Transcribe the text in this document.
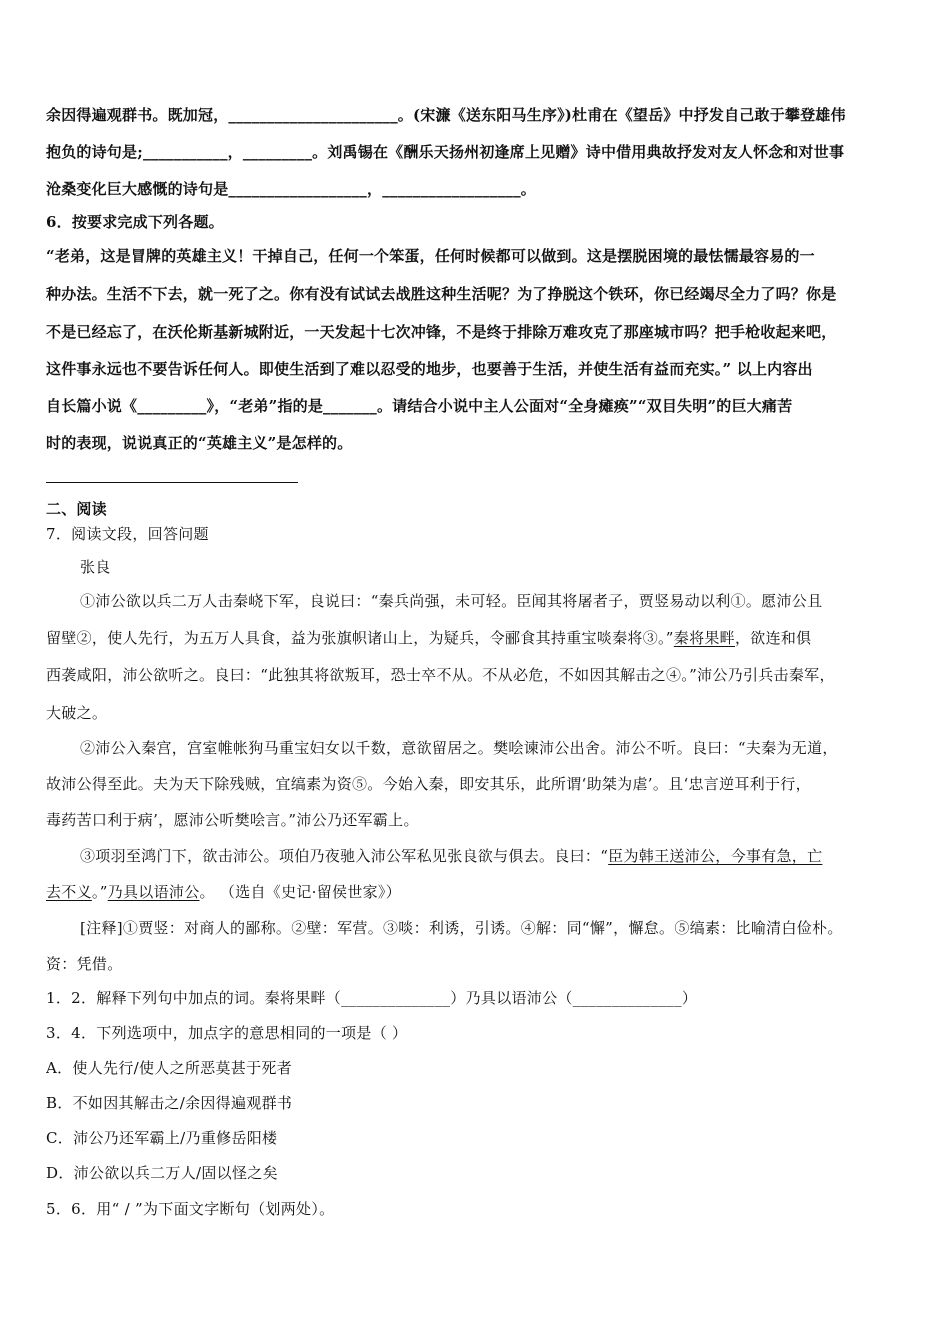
余因得遍观群书。既加冠，______________________。(宋濂《送东阳马生序》)杜甫在《望岳》中抒发自己敢于攀登雄伟
抱负的诗句是;___________，_________。刘禹锡在《酬乐天扬州初逢席上见赠》诗中借用典故抒发对友人怀念和对世事
沧桑变化巨大感慨的诗句是__________________，__________________。
6．按要求完成下列各题。
“老弟，这是冒牌的英雄主义！干掉自己，任何一个笨蛋，任何时候都可以做到。这是摆脱困境的最怯懦最容易的一
种办法。生活不下去，就一死了之。你有没有试试去战胜这种生活呢？为了挣脱这个铁环，你已经竭尽全力了吗？你是
不是已经忘了，在沃伦斯基新城附近，一天发起十七次冲锋，不是终于排除万难攻克了那座城市吗？把手枪收起来吧，
这件事永远也不要告诉任何人。即使生活到了难以忍受的地步，也要善于生活，并使生活有益而充实。” 以上内容出
自长篇小说《_________》，“老弟”指的是_______。请结合小说中主人公面对“全身瘫痪”“双目失明”的巨大痛苦
时的表现，说说真正的“英雄主义”是怎样的。
二、阅读
7．阅读文段，回答问题
张良
①沛公欲以兵二万人击秦峣下军，良说曰：“秦兵尚强，未可轻。臣闻其将屠者子，贾竖易动以利①。愿沛公且
留壁②，使人先行，为五万人具食，益为张旗帜诸山上，为疑兵，令郦食其持重宝啖秦将③。”秦将果畔，欲连和俱
西袭咸阳，沛公欲听之。良曰：“此独其将欲叛耳，恐士卒不从。不从必危，不如因其解击之④。”沛公乃引兵击秦军，
大破之。
②沛公入秦宫，宫室帷帐狗马重宝妇女以千数，意欲留居之。樊哙谏沛公出舍。沛公不听。良曰：“夫秦为无道，
故沛公得至此。夫为天下除残贼，宜缟素为资⑤。今始入秦，即安其乐，此所谓‘助桀为虐’。且‘忠言逆耳利于行，
毒药苦口利于病’，愿沛公听樊哙言。”沛公乃还军霸上。
③项羽至鸿门下，欲击沛公。项伯乃夜驰入沛公军私见张良欲与俱去。良曰：“臣为韩王送沛公，今事有急，亡
去不义。”乃具以语沛公。 （选自《史记·留侯世家》）
[注释]①贾竖：对商人的鄙称。②壁：军营。③啖：利诱，引诱。④解：同“懈”，懈怠。⑤缟素：比喻清白俭朴。
资：凭借。
1．2．解释下列句中加点的词。秦将果畔（______________）乃具以语沛公（______________）
3．4．下列选项中，加点字的意思相同的一项是（ ）
A．使人先行/使人之所恶莫甚于死者
B．不如因其解击之/余因得遍观群书
C．沛公乃还军霸上/乃重修岳阳楼
D．沛公欲以兵二万人/固以怪之矣
5．6．用“ / ”为下面文字断句（划两处）。
